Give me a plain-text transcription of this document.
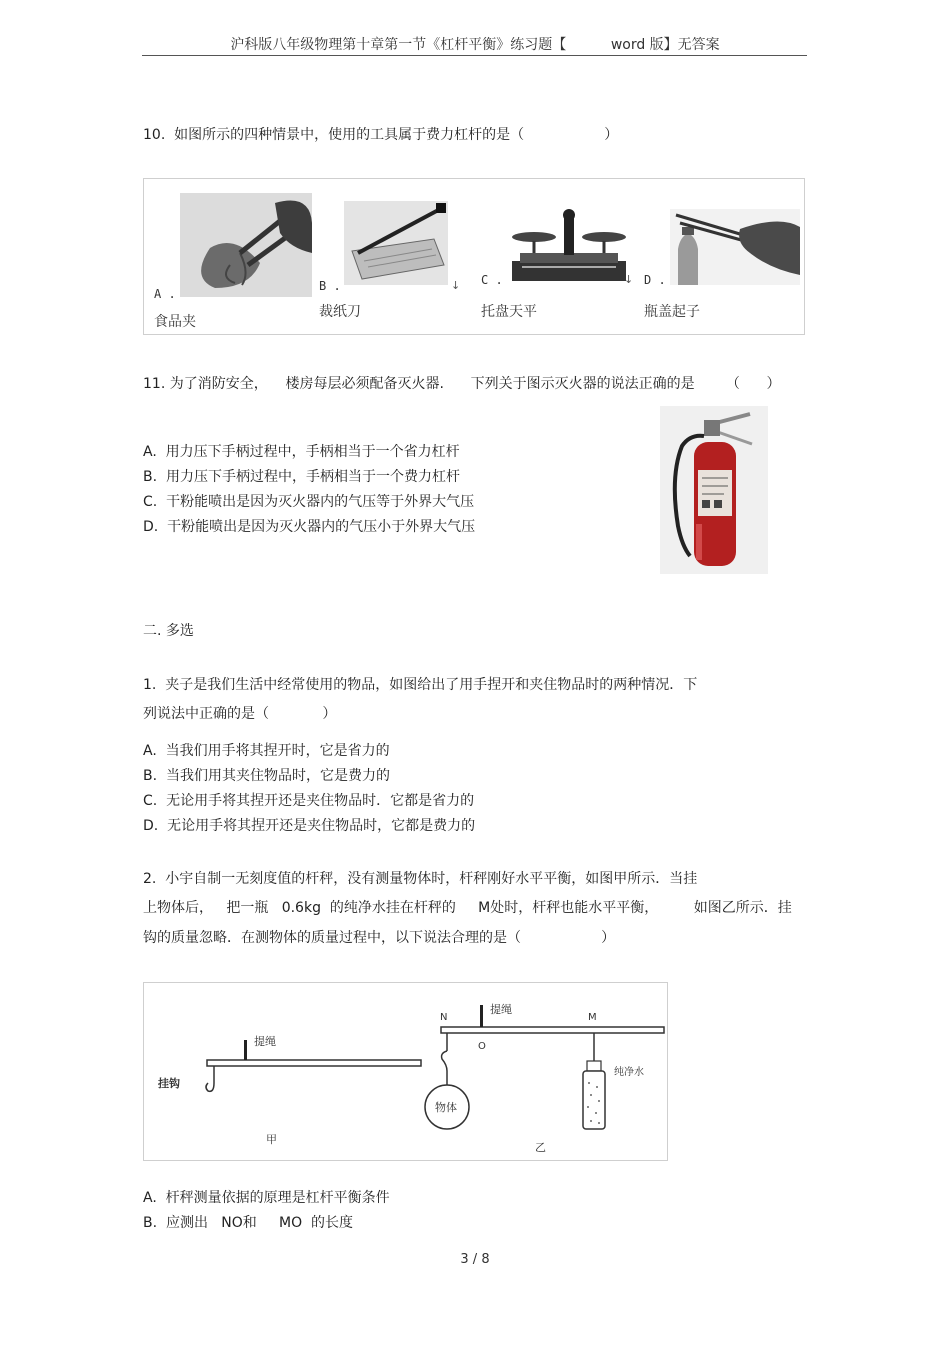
沪科版八年级物理第十章第一节《杠杆平衡》练习题【          word 版】无答案
10.  如图所示的四种情景中，使用的工具属于费力杠杆的是（                  ）
A .
食品夹
B .
裁纸刀
↓ C .
托盘天平
↓ D .
瓶盖起子
11. 为了消防安全，    楼房每层必须配备灭火器.      下列关于图示灭火器的说法正确的是       （      ）
A.  用力压下手柄过程中，手柄相当于一个省力杠杆
B.  用力压下手柄过程中，手柄相当于一个费力杠杆
C.  干粉能喷出是因为灭火器内的气压等于外界大气压
D.  干粉能喷出是因为灭火器内的气压小于外界大气压
二. 多选
1.  夹子是我们生活中经常使用的物品，如图给出了用手捏开和夹住物品时的两种情况．下
列说法中正确的是（            ）
A.  当我们用手将其捏开时，它是省力的
B.  当我们用其夹住物品时，它是费力的
C.  无论用手将其捏开还是夹住物品时．它都是省力的
D.  无论用手将其捏开还是夹住物品时，它都是费力的
2.  小宇自制一无刻度值的杆秤，没有测量物体时，杆秤刚好水平平衡，如图甲所示．当挂
上物体后，   把一瓶   0.6kg  的纯净水挂在杆秤的     M处时，杆秤也能水平平衡，        如图乙所示．挂
钩的质量忽略．在测物体的质量过程中，以下说法合理的是（                  ）
提绳
挂钩
甲
提绳
N
O
M
物体
纯净水
乙
A.  杆秤测量依据的原理是杠杆平衡条件
B.  应测出   NO和     MO  的长度
3 / 8
